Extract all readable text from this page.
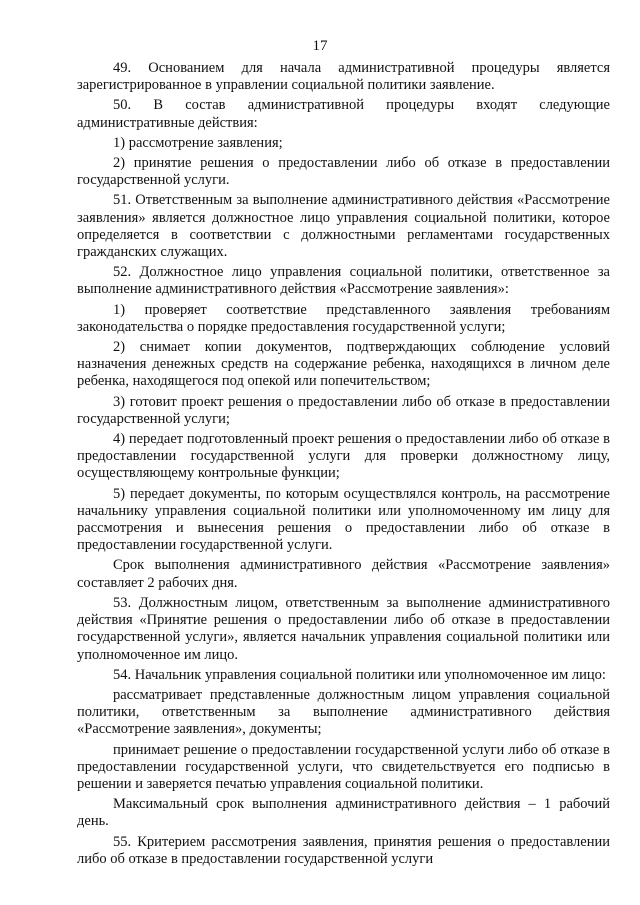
17

49. Основанием для начала административной процедуры является зарегистрированное в управлении социальной политики заявление.

50. В состав административной процедуры входят следующие административные действия:

1) рассмотрение заявления;

2) принятие решения о предоставлении либо об отказе в предоставлении государственной услуги.

51. Ответственным за выполнение административного действия «Рассмотрение заявления» является должностное лицо управления социальной политики, которое определяется в соответствии с должностными регламентами государственных гражданских служащих.

52. Должностное лицо управления социальной политики, ответственное за выполнение административного действия «Рассмотрение заявления»:

1) проверяет соответствие представленного заявления требованиям законодательства о порядке предоставления государственной услуги;

2) снимает копии документов, подтверждающих соблюдение условий назначения денежных средств на содержание ребенка, находящихся в личном деле ребенка, находящегося под опекой или попечительством;

3) готовит проект решения о предоставлении либо об отказе в предоставлении государственной услуги;

4) передает подготовленный проект решения о предоставлении либо об отказе в предоставлении государственной услуги для проверки должностному лицу, осуществляющему контрольные функции;

5) передает документы, по которым осуществлялся контроль, на рассмотрение начальнику управления социальной политики или уполномоченному им лицу для рассмотрения и вынесения решения о предоставлении либо об отказе в предоставлении государственной услуги.

Срок выполнения административного действия «Рассмотрение заявления» составляет 2 рабочих дня.

53. Должностным лицом, ответственным за выполнение административного действия «Принятие решения о предоставлении либо об отказе в предоставлении государственной услуги», является начальник управления социальной политики или уполномоченное им лицо.

54. Начальник управления социальной политики или уполномоченное им лицо:

рассматривает представленные должностным лицом управления социальной политики, ответственным за выполнение административного действия «Рассмотрение заявления», документы;

принимает решение о предоставлении государственной услуги либо об отказе в предоставлении государственной услуги, что свидетельствуется его подписью в решении и заверяется печатью управления социальной политики.

Максимальный срок выполнения административного действия – 1 рабочий день.

55. Критерием рассмотрения заявления, принятия решения о предоставлении либо об отказе в предоставлении государственной услуги
